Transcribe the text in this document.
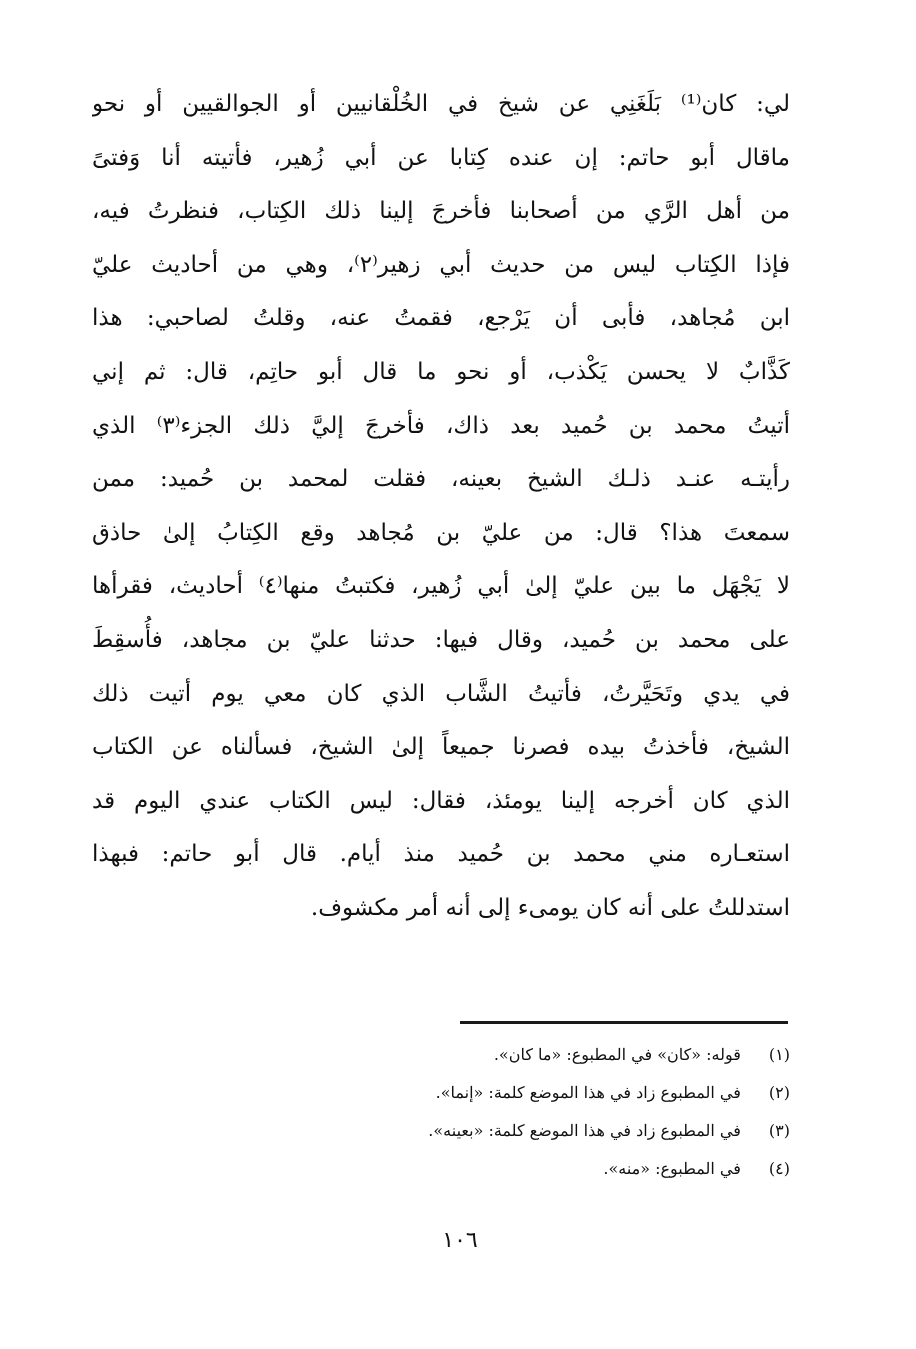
لي: كان⁽¹⁾ بَلَغَنِي عن شيخ في الخُلْقانيين أو الجوالقيين أو نحو
ماقال أبو حاتم: إن عنده كِتابا عن أبي زُهير، فأتيته أنا وَفتىً
من أهل الرَّي من أصحابنا فأخرجَ إلينا ذلك الكِتاب، فنظرتُ فيه،
فإذا الكِتاب ليس من حديث أبي زهير⁽٢⁾، وهي من أحاديث عليّ
ابن مُجاهد، فأبى أن يَرْجع، فقمتُ عنه، وقلتُ لصاحبي: هذا
كَذَّابٌ لا يحسن يَكْذب، أو نحو ما قال أبو حاتِم، قال: ثم إني
أتيتُ محمد بن حُميد بعد ذاك، فأخرجَ إليَّ ذلك الجزء⁽٣⁾ الذي
رأيتـه عنـد ذلـك الشيخ بعينه، فقلت لمحمد بن حُميد: ممن
سمعتَ هذا؟ قال: من عليّ بن مُجاهد وقع الكِتابُ إلىٰ حاذق
لا يَجْهَل ما بين عليّ إلىٰ أبي زُهير، فكتبتُ منها⁽٤⁾ أحاديث، فقرأها
على محمد بن حُميد، وقال فيها: حدثنا عليّ بن مجاهد، فأُسقِطَ
في يدي وتَحَيَّرتُ، فأتيتُ الشَّاب الذي كان معي يوم أتيت ذلك
الشيخ، فأخذتُ بيده فصرنا جميعاً إلىٰ الشيخ، فسألناه عن الكتاب
الذي كان أخرجه إلينا يومئذ، فقال: ليس الكتاب عندي اليوم قد
استعـاره مني محمد بن حُميد منذ أيام. قال أبو حاتم: فبهذا
استدللتُ على أنه كان يومىء إلى أنه أمر مكشوف.
(١) قوله: «كان» في المطبوع: «ما كان».
(٢) في المطبوع زاد في هذا الموضع كلمة: «إنما».
(٣) في المطبوع زاد في هذا الموضع كلمة: «بعينه».
(٤) في المطبوع: «منه».
١٠٦
